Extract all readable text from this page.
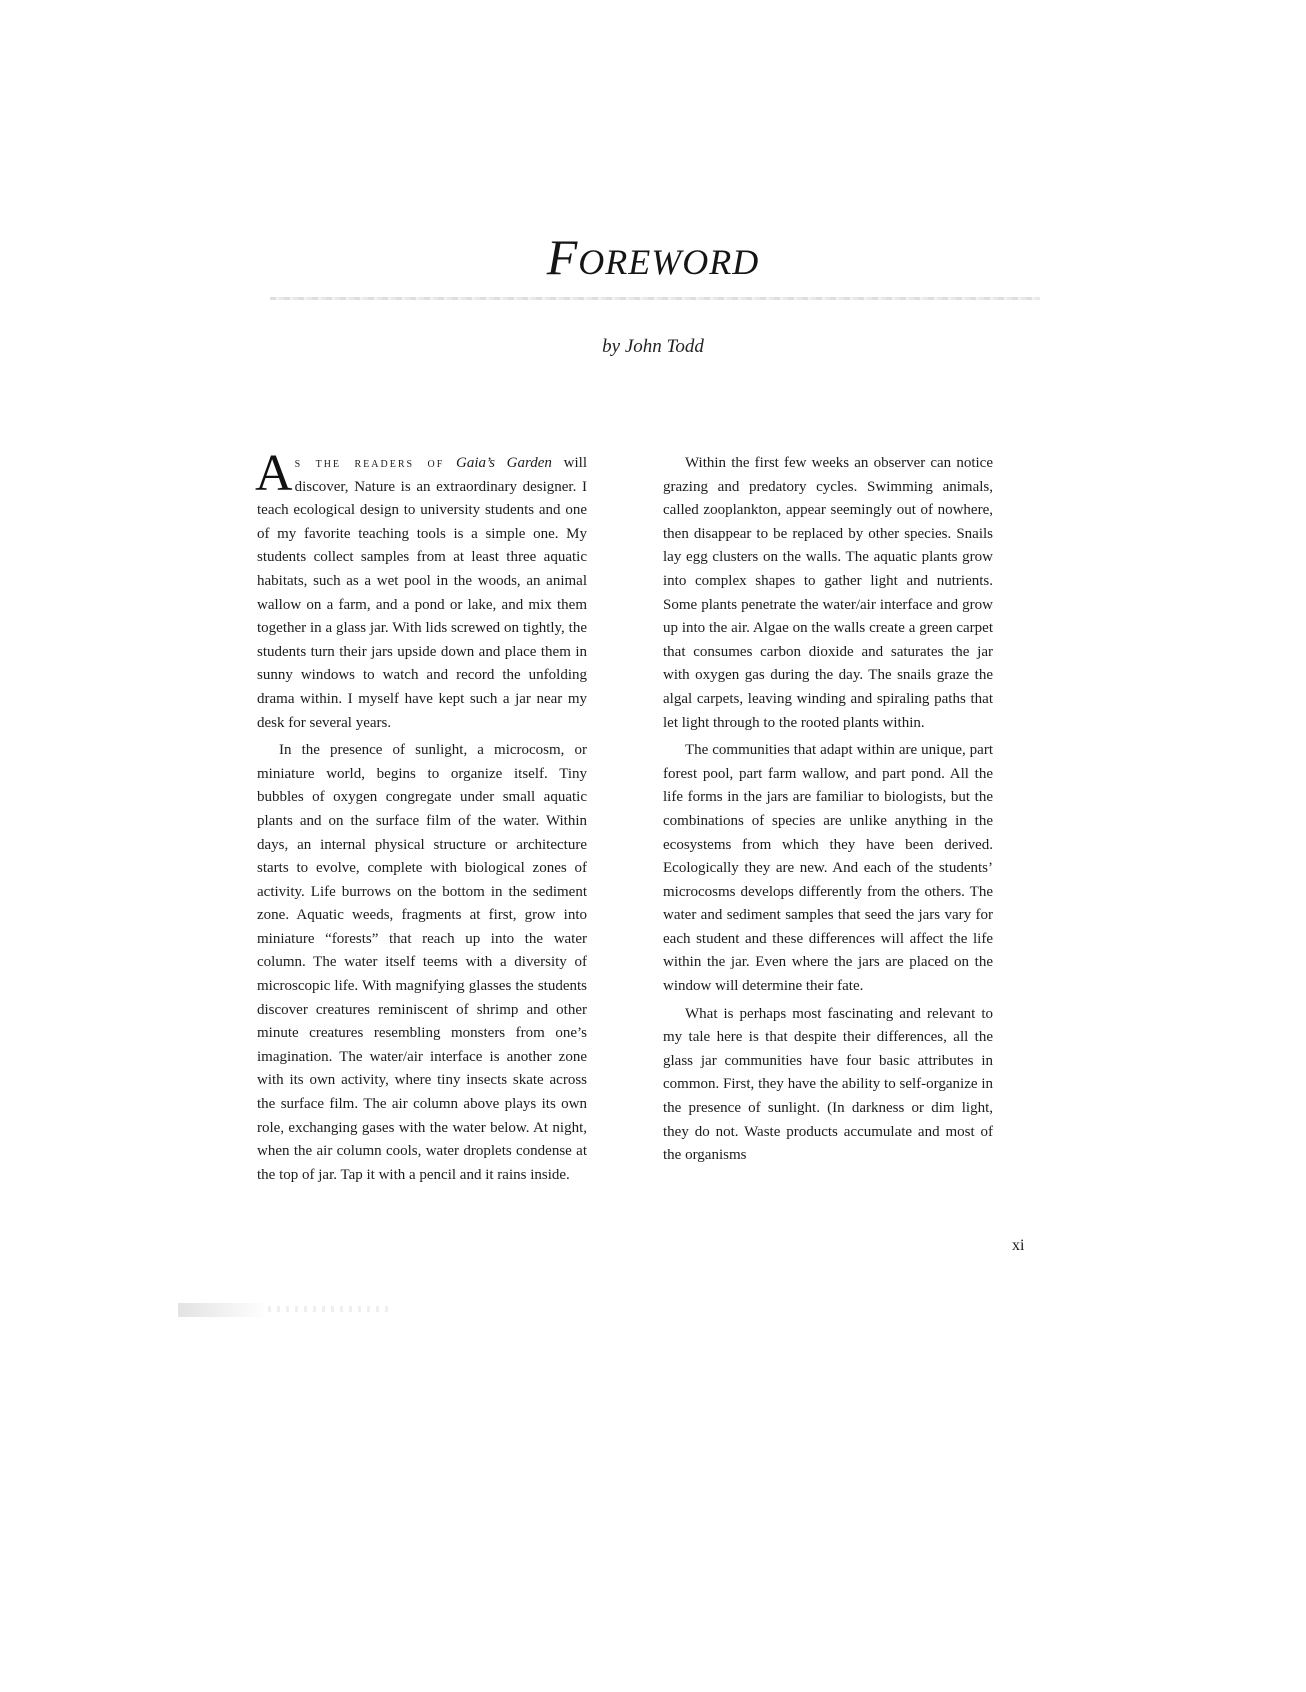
FOREWORD
by John Todd

As the readers of Gaia’s Garden will discover, Nature is an extraordinary designer. I teach ecological design to university students and one of my favorite teaching tools is a simple one. My students collect samples from at least three aquatic habitats, such as a wet pool in the woods, an animal wallow on a farm, and a pond or lake, and mix them together in a glass jar. With lids screwed on tightly, the students turn their jars upside down and place them in sunny windows to watch and record the unfolding drama within. I myself have kept such a jar near my desk for several years.

In the presence of sunlight, a microcosm, or miniature world, begins to organize itself. Tiny bubbles of oxygen congregate under small aquatic plants and on the surface film of the water. Within days, an internal physical structure or architecture starts to evolve, complete with biological zones of activity. Life burrows on the bottom in the sediment zone. Aquatic weeds, fragments at first, grow into miniature “forests” that reach up into the water column. The water itself teems with a diversity of microscopic life. With magnifying glasses the students discover creatures reminiscent of shrimp and other minute creatures resembling monsters from one’s imagination. The water/air interface is another zone with its own activity, where tiny insects skate across the surface film. The air column above plays its own role, exchanging gases with the water below. At night, when the air column cools, water droplets condense at the top of jar. Tap it with a pencil and it rains inside.

Within the first few weeks an observer can notice grazing and predatory cycles. Swimming animals, called zooplankton, appear seemingly out of nowhere, then disappear to be replaced by other species. Snails lay egg clusters on the walls. The aquatic plants grow into complex shapes to gather light and nutrients. Some plants penetrate the water/air interface and grow up into the air. Algae on the walls create a green carpet that consumes carbon dioxide and saturates the jar with oxygen gas during the day. The snails graze the algal carpets, leaving winding and spiraling paths that let light through to the rooted plants within.

The communities that adapt within are unique, part forest pool, part farm wallow, and part pond. All the life forms in the jars are familiar to biologists, but the combinations of species are unlike anything in the ecosystems from which they have been derived. Ecologically they are new. And each of the students’ microcosms develops differently from the others. The water and sediment samples that seed the jars vary for each student and these differences will affect the life within the jar. Even where the jars are placed on the window will determine their fate.

What is perhaps most fascinating and relevant to my tale here is that despite their differences, all the glass jar communities have four basic attributes in common. First, they have the ability to self-organize in the presence of sunlight. (In darkness or dim light, they do not. Waste products accumulate and most of the organisms

xi
